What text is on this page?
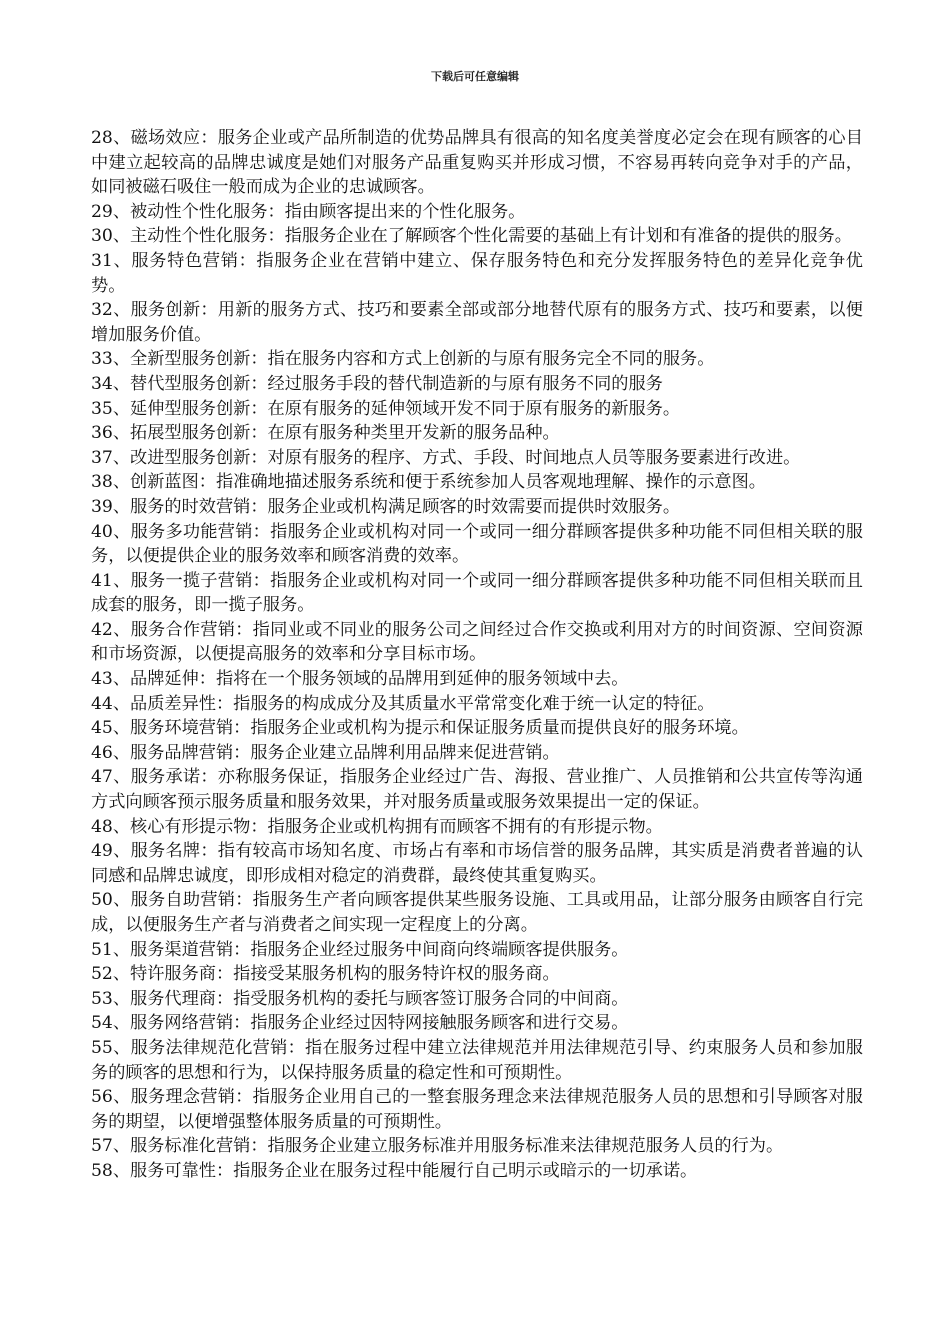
下载后可任意编辑

28、磁场效应：服务企业或产品所制造的优势品牌具有很高的知名度美誉度必定会在现有顾客的心目中建立起较高的品牌忠诚度是她们对服务产品重复购买并形成习惯，不容易再转向竞争对手的产品，如同被磁石吸住一般而成为企业的忠诚顾客。

29、被动性个性化服务：指由顾客提出来的个性化服务。

30、主动性个性化服务：指服务企业在了解顾客个性化需要的基础上有计划和有准备的提供的服务。

31、服务特色营销：指服务企业在营销中建立、保存服务特色和充分发挥服务特色的差异化竞争优势。

32、服务创新：用新的服务方式、技巧和要素全部或部分地替代原有的服务方式、技巧和要素，以便增加服务价值。

33、全新型服务创新：指在服务内容和方式上创新的与原有服务完全不同的服务。

34、替代型服务创新：经过服务手段的替代制造新的与原有服务不同的服务

35、延伸型服务创新：在原有服务的延伸领域开发不同于原有服务的新服务。

36、拓展型服务创新：在原有服务种类里开发新的服务品种。

37、改进型服务创新：对原有服务的程序、方式、手段、时间地点人员等服务要素进行改进。

38、创新蓝图：指准确地描述服务系统和便于系统参加人员客观地理解、操作的示意图。

39、服务的时效营销：服务企业或机构满足顾客的时效需要而提供时效服务。

40、服务多功能营销：指服务企业或机构对同一个或同一细分群顾客提供多种功能不同但相关联的服务，以便提供企业的服务效率和顾客消费的效率。

41、服务一揽子营销：指服务企业或机构对同一个或同一细分群顾客提供多种功能不同但相关联而且成套的服务，即一揽子服务。

42、服务合作营销：指同业或不同业的服务公司之间经过合作交换或利用对方的时间资源、空间资源和市场资源，以便提高服务的效率和分享目标市场。

43、品牌延伸：指将在一个服务领域的品牌用到延伸的服务领域中去。

44、品质差异性：指服务的构成成分及其质量水平常常变化难于统一认定的特征。

45、服务环境营销：指服务企业或机构为提示和保证服务质量而提供良好的服务环境。

46、服务品牌营销：服务企业建立品牌利用品牌来促进营销。

47、服务承诺：亦称服务保证，指服务企业经过广告、海报、营业推广、人员推销和公共宣传等沟通方式向顾客预示服务质量和服务效果，并对服务质量或服务效果提出一定的保证。

48、核心有形提示物：指服务企业或机构拥有而顾客不拥有的有形提示物。

49、服务名牌：指有较高市场知名度、市场占有率和市场信誉的服务品牌，其实质是消费者普遍的认同感和品牌忠诚度，即形成相对稳定的消费群，最终使其重复购买。

50、服务自助营销：指服务生产者向顾客提供某些服务设施、工具或用品，让部分服务由顾客自行完成，以便服务生产者与消费者之间实现一定程度上的分离。

51、服务渠道营销：指服务企业经过服务中间商向终端顾客提供服务。

52、特许服务商：指接受某服务机构的服务特许权的服务商。

53、服务代理商：指受服务机构的委托与顾客签订服务合同的中间商。

54、服务网络营销：指服务企业经过因特网接触服务顾客和进行交易。

55、服务法律规范化营销：指在服务过程中建立法律规范并用法律规范引导、约束服务人员和参加服务的顾客的思想和行为，以保持服务质量的稳定性和可预期性。

56、服务理念营销：指服务企业用自己的一整套服务理念来法律规范服务人员的思想和引导顾客对服务的期望，以便增强整体服务质量的可预期性。

57、服务标准化营销：指服务企业建立服务标准并用服务标准来法律规范服务人员的行为。

58、服务可靠性：指服务企业在服务过程中能履行自己明示或暗示的一切承诺。
